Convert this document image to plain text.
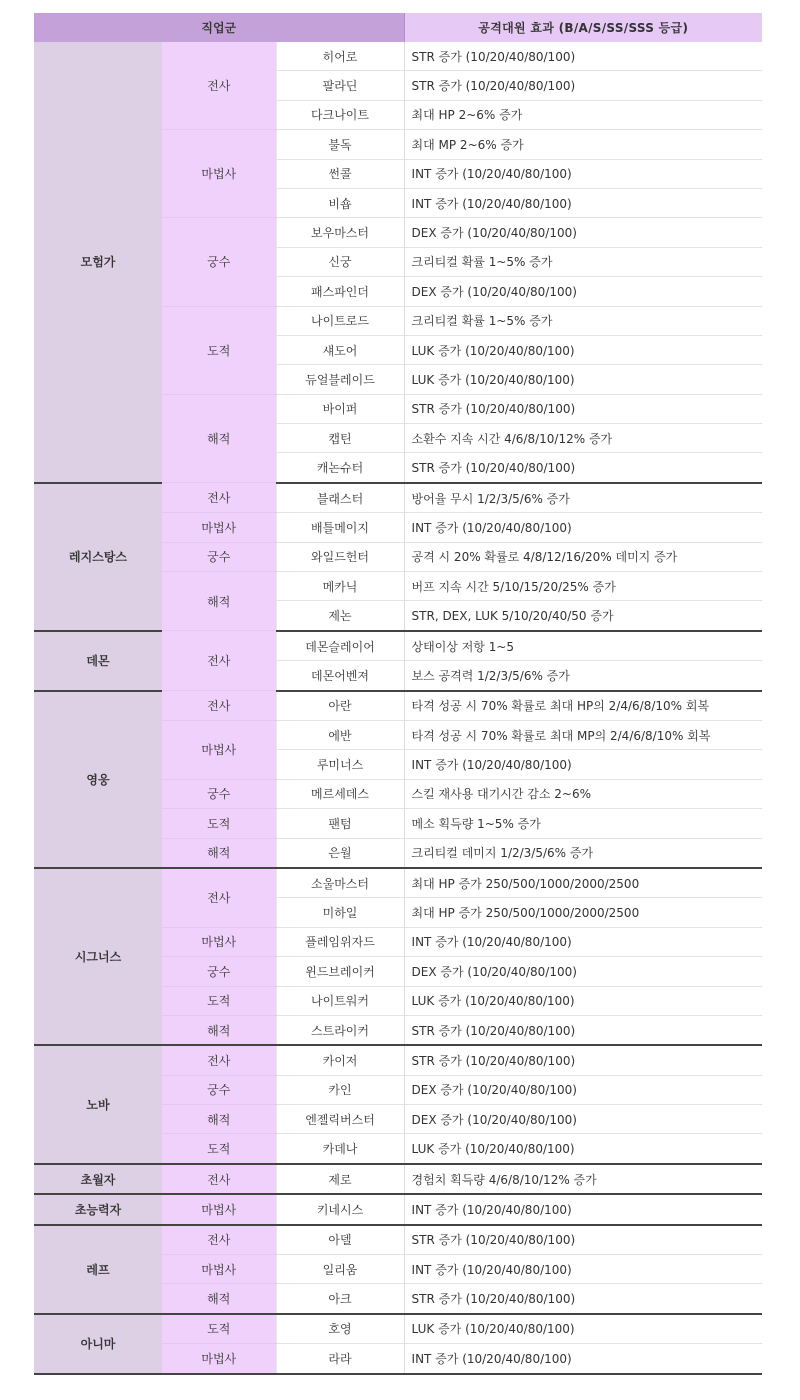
직업군			공격대원 효과 (B/A/S/SS/SSS 등급)
모험가	전사	히어로	STR 증가 (10/20/40/80/100)
		팔라딘	STR 증가 (10/20/40/80/100)
		다크나이트	최대 HP 2~6% 증가
	마법사	불독	최대 MP 2~6% 증가
		썬콜	INT 증가 (10/20/40/80/100)
		비숍	INT 증가 (10/20/40/80/100)
	궁수	보우마스터	DEX 증가 (10/20/40/80/100)
		신궁	크리티컬 확률 1~5% 증가
		패스파인더	DEX 증가 (10/20/40/80/100)
	도적	나이트로드	크리티컬 확률 1~5% 증가
		섀도어	LUK 증가 (10/20/40/80/100)
		듀얼블레이드	LUK 증가 (10/20/40/80/100)
	해적	바이퍼	STR 증가 (10/20/40/80/100)
		캡틴	소환수 지속 시간 4/6/8/10/12% 증가
		캐논슈터	STR 증가 (10/20/40/80/100)
레지스탕스	전사	블래스터	방어율 무시 1/2/3/5/6% 증가
	마법사	배틀메이지	INT 증가 (10/20/40/80/100)
	궁수	와일드헌터	공격 시 20% 확률로 4/8/12/16/20% 데미지 증가
	해적	메카닉	버프 지속 시간 5/10/15/20/25% 증가
		제논	STR, DEX, LUK 5/10/20/40/50 증가
데몬	전사	데몬슬레이어	상태이상 저항 1~5
		데몬어벤져	보스 공격력 1/2/3/5/6% 증가
영웅	전사	아란	타격 성공 시 70% 확률로 최대 HP의 2/4/6/8/10% 회복
	마법사	에반	타격 성공 시 70% 확률로 최대 MP의 2/4/6/8/10% 회복
		루미너스	INT 증가 (10/20/40/80/100)
	궁수	메르세데스	스킬 재사용 대기시간 감소 2~6%
	도적	팬텀	메소 획득량 1~5% 증가
	해적	은월	크리티컬 데미지 1/2/3/5/6% 증가
시그너스	전사	소울마스터	최대 HP 증가 250/500/1000/2000/2500
		미하일	최대 HP 증가 250/500/1000/2000/2500
	마법사	플레임위자드	INT 증가 (10/20/40/80/100)
	궁수	윈드브레이커	DEX 증가 (10/20/40/80/100)
	도적	나이트워커	LUK 증가 (10/20/40/80/100)
	해적	스트라이커	STR 증가 (10/20/40/80/100)
노바	전사	카이저	STR 증가 (10/20/40/80/100)
	궁수	카인	DEX 증가 (10/20/40/80/100)
	해적	엔젤릭버스터	DEX 증가 (10/20/40/80/100)
	도적	카데나	LUK 증가 (10/20/40/80/100)
초월자	전사	제로	경험치 획득량 4/6/8/10/12% 증가
초능력자	마법사	키네시스	INT 증가 (10/20/40/80/100)
레프	전사	아델	STR 증가 (10/20/40/80/100)
	마법사	일리움	INT 증가 (10/20/40/80/100)
	해적	아크	STR 증가 (10/20/40/80/100)
아니마	도적	호영	LUK 증가 (10/20/40/80/100)
	마법사	라라	INT 증가 (10/20/40/80/100)
